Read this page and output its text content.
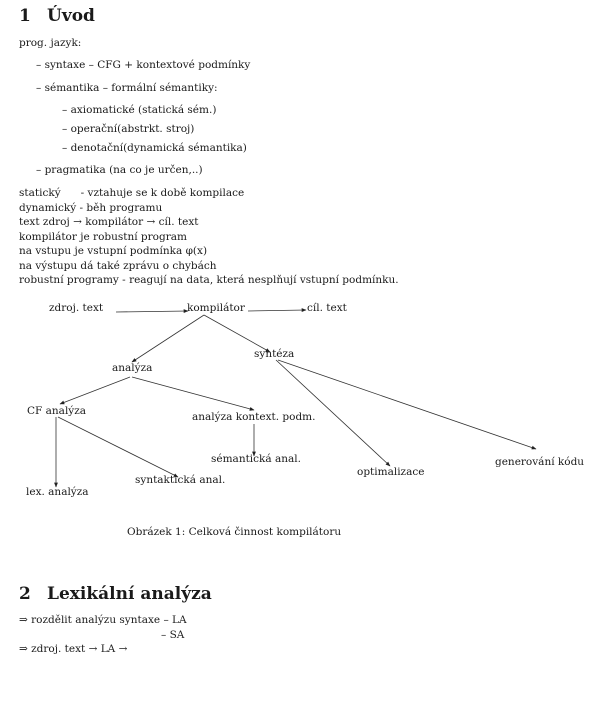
1 Úvod
prog. jazyk:
– syntaxe – CFG + kontextové podmínky
– sémantika – formální sémantiky:
– axiomatické (statická sém.)
– operační(abstrkt. stroj)
– denotační(dynamická sémantika)
– pragmatika (na co je určen,..)
statický      - vztahuje se k době kompilace
dynamický - běh programu
text zdroj → kompilátor → cíl. text
kompilátor je robustní program
na vstupu je vstupní podmínka φ(x)
na výstupu dá také zprávu o chybách
robustní programy - reagují na data, která nesplňují vstupní podmínku.
zdroj. text	kompilátor	cíl. text
syntéza
analýza
CF analýza	analýza kontext. podm.
sémantická anal.	generování kódu
optimalizace
syntaktická anal.
lex. analýza
Obrázek 1: Celková činnost kompilátoru
2 Lexikální analýza
⇒ rozdělit analýzu syntaxe – LA
– SA
⇒ zdroj. text → LA →
